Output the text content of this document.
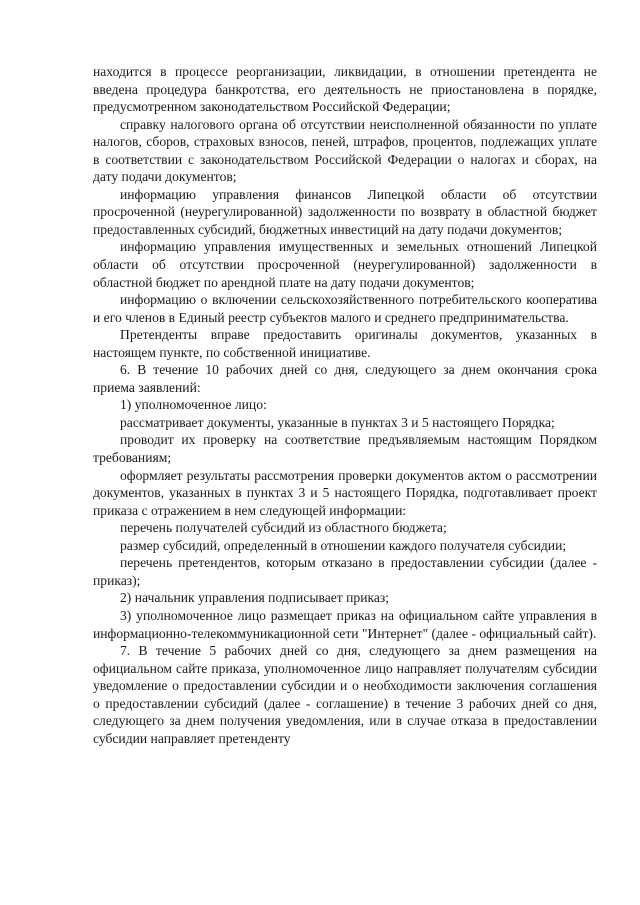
находится в процессе реорганизации, ликвидации, в отношении претендента не введена процедура банкротства, его деятельность не приостановлена в порядке, предусмотренном законодательством Российской Федерации;

справку налогового органа об отсутствии неисполненной обязанности по уплате налогов, сборов, страховых взносов, пеней, штрафов, процентов, подлежащих уплате в соответствии с законодательством Российской Федерации о налогах и сборах, на дату подачи документов;

информацию управления финансов Липецкой области об отсутствии просроченной (неурегулированной) задолженности по возврату в областной бюджет предоставленных субсидий, бюджетных инвестиций на дату подачи документов;

информацию управления имущественных и земельных отношений Липецкой области об отсутствии просроченной (неурегулированной) задолженности в областной бюджет по арендной плате на дату подачи документов;

информацию о включении сельскохозяйственного потребительского кооператива и его членов в Единый реестр субъектов малого и среднего предпринимательства.

Претенденты вправе предоставить оригиналы документов, указанных в настоящем пункте, по собственной инициативе.

6. В течение 10 рабочих дней со дня, следующего за днем окончания срока приема заявлений:

1) уполномоченное лицо:

рассматривает документы, указанные в пунктах 3 и 5 настоящего Порядка;

проводит их проверку на соответствие предъявляемым настоящим Порядком требованиям;

оформляет результаты рассмотрения проверки документов актом о рассмотрении документов, указанных в пунктах 3 и 5 настоящего Порядка, подготавливает проект приказа с отражением в нем следующей информации:

перечень получателей субсидий из областного бюджета;

размер субсидий, определенный в отношении каждого получателя субсидии;

перечень претендентов, которым отказано в предоставлении субсидии (далее - приказ);

2) начальник управления подписывает приказ;

3) уполномоченное лицо размещает приказ на официальном сайте управления в информационно-телекоммуникационной сети "Интернет" (далее - официальный сайт).

7. В течение 5 рабочих дней со дня, следующего за днем размещения на официальном сайте приказа, уполномоченное лицо направляет получателям субсидии уведомление о предоставлении субсидии и о необходимости заключения соглашения о предоставлении субсидий (далее - соглашение) в течение 3 рабочих дней со дня, следующего за днем получения уведомления, или в случае отказа в предоставлении субсидии направляет претенденту
